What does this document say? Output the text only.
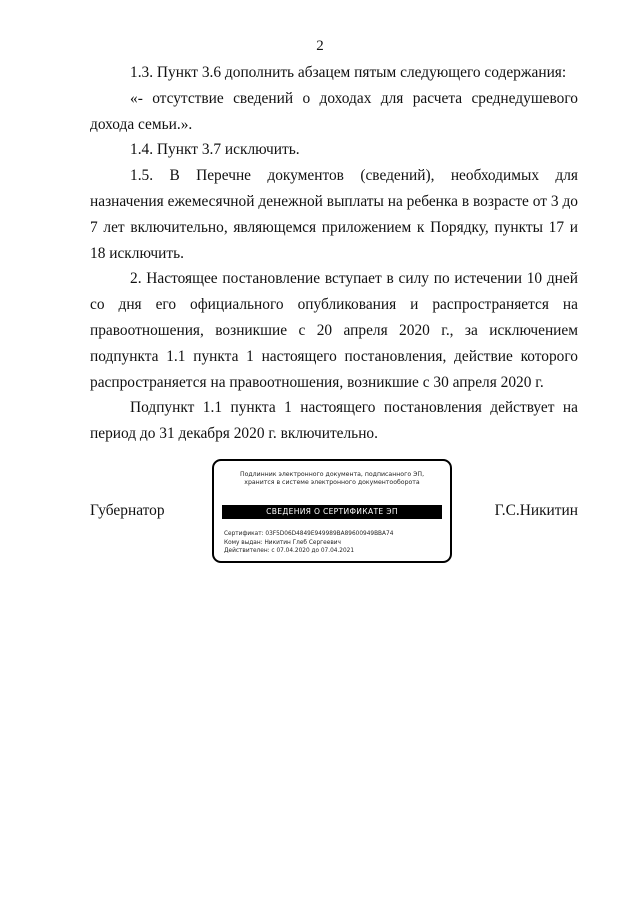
2

1.3. Пункт 3.6 дополнить абзацем пятым следующего содержания:

«- отсутствие сведений о доходах для расчета среднедушевого дохода семьи.».

1.4. Пункт 3.7 исключить.

1.5. В Перечне документов (сведений), необходимых для назначения ежемесячной денежной выплаты на ребенка в возрасте от 3 до 7 лет включительно, являющемся приложением к Порядку, пункты 17 и 18 исключить.

2. Настоящее постановление вступает в силу по истечении 10 дней со дня его официального опубликования и распространяется на правоотношения, возникшие с 20 апреля 2020 г., за исключением подпункта 1.1 пункта 1 настоящего постановления, действие которого распространяется на правоотношения, возникшие с 30 апреля 2020 г.

Подпункт 1.1 пункта 1 настоящего постановления действует на период до 31 декабря 2020 г. включительно.

Губернатор
Подлинник электронного документа, подписанного ЭП,
хранится в системе электронного документооборота
СВЕДЕНИЯ О СЕРТИФИКАТЕ ЭП
Сертификат: 03F5D06D4849E949989BA89600949BBA74
Кому выдан: Никитин Глеб Сергеевич
Действителен: с 07.04.2020 до 07.04.2021
Г.С.Никитин
